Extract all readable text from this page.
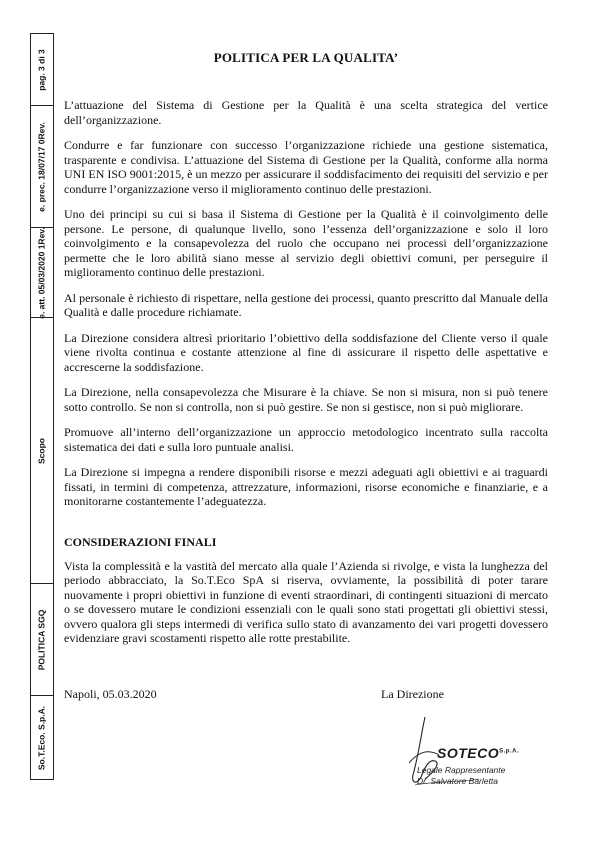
pag. 3 di 3
e. prec. 18/07/17 0Rev.
e. att. 05/03/2020 1Rev.
Scopo
POLITICA SGQ
So.T.Eco. S.p.A.
POLITICA PER LA QUALITA’

L’attuazione del Sistema di Gestione per la Qualità è una scelta strategica del vertice dell’organizzazione.

Condurre e far funzionare con successo l’organizzazione richiede una gestione sistematica, trasparente e condivisa. L’attuazione del Sistema di Gestione per la Qualità, conforme alla norma UNI EN ISO 9001:2015, è un mezzo per assicurare il soddisfacimento dei requisiti del servizio e per condurre l’organizzazione verso il miglioramento continuo delle prestazioni.

Uno dei principi su cui si basa il Sistema di Gestione per la Qualità è il coinvolgimento delle persone. Le persone, di qualunque livello, sono l’essenza dell’organizzazione e solo il loro coinvolgimento e la consapevolezza del ruolo che occupano nei processi dell’organizzazione permette che le loro abilità siano messe al servizio degli obiettivi comuni, per perseguire il miglioramento continuo delle prestazioni.

Al personale è richiesto di rispettare, nella gestione dei processi, quanto prescritto dal Manuale della Qualità e dalle procedure richiamate.

La Direzione considera altresì prioritario l’obiettivo della soddisfazione del Cliente verso il quale viene rivolta continua e costante attenzione al fine di assicurare il rispetto delle aspettative e accrescerne la soddisfazione.

La Direzione, nella consapevolezza che Misurare è la chiave. Se non si misura, non si può tenere sotto controllo. Se non si controlla, non si può gestire. Se non si gestisce, non si può migliorare.

Promuove all’interno dell’organizzazione un approccio metodologico incentrato sulla raccolta sistematica dei dati e sulla loro puntuale analisi.

La Direzione si impegna a rendere disponibili risorse e mezzi adeguati agli obiettivi e ai traguardi fissati, in termini di competenza, attrezzature, informazioni, risorse economiche e finanziarie, e a monitorarne costantemente l’adeguatezza.

CONSIDERAZIONI FINALI

Vista la complessità e la vastità del mercato alla quale l’Azienda si rivolge, e vista la lunghezza del periodo abbracciato, la So.T.Eco SpA si riserva, ovviamente, la possibilità di poter tarare nuovamente i propri obiettivi in funzione di eventi straordinari, di contingenti situazioni di mercato o se dovessero mutare le condizioni essenziali con le quali sono stati progettati gli obiettivi stessi, ovvero qualora gli steps intermedi di verifica sullo stato di avanzamento dei vari progetti dovessero evidenziare gravi scostamenti rispetto alle rotte prestabilite.

Napoli, 05.03.2020	La Direzione
$SOTECO^{S.p.A.}$
Legale Rappresentante
Dr. Salvatore Barletta
